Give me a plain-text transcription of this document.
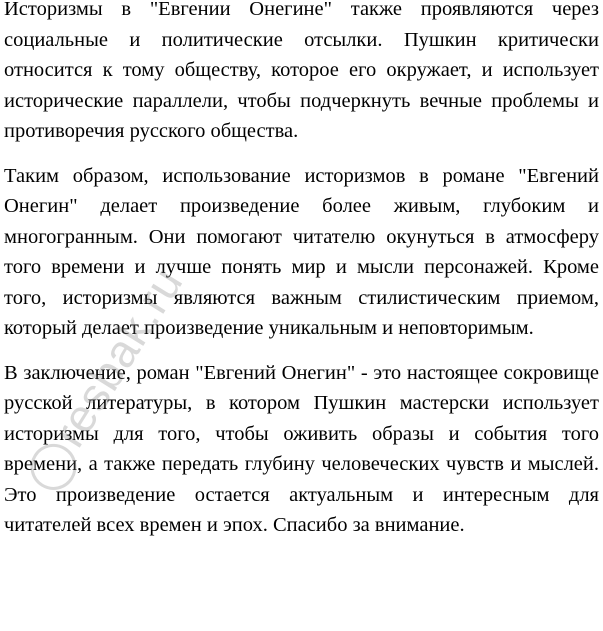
Историзмы в "Евгении Онегине" также проявляются через социальные и политические отсылки. Пушкин критически относится к тому обществу, которое его окружает, и использует исторические параллели, чтобы подчеркнуть вечные проблемы и противоречия русского общества.

Таким образом, использование историзмов в романе "Евгений Онегин" делает произведение более живым, глубоким и многогранным. Они помогают читателю окунуться в атмосферу того времени и лучше понять мир и мысли персонажей. Кроме того, историзмы являются важным стилистическим приемом, который делает произведение уникальным и неповторимым.

В заключение, роман "Евгений Онегин" - это настоящее сокровище русской литературы, в котором Пушкин мастерски использует историзмы для того, чтобы оживить образы и события того времени, а также передать глубину человеческих чувств и мыслей. Это произведение остается актуальным и интересным для читателей всех времен и эпох. Спасибо за внимание.

resbak.ru
